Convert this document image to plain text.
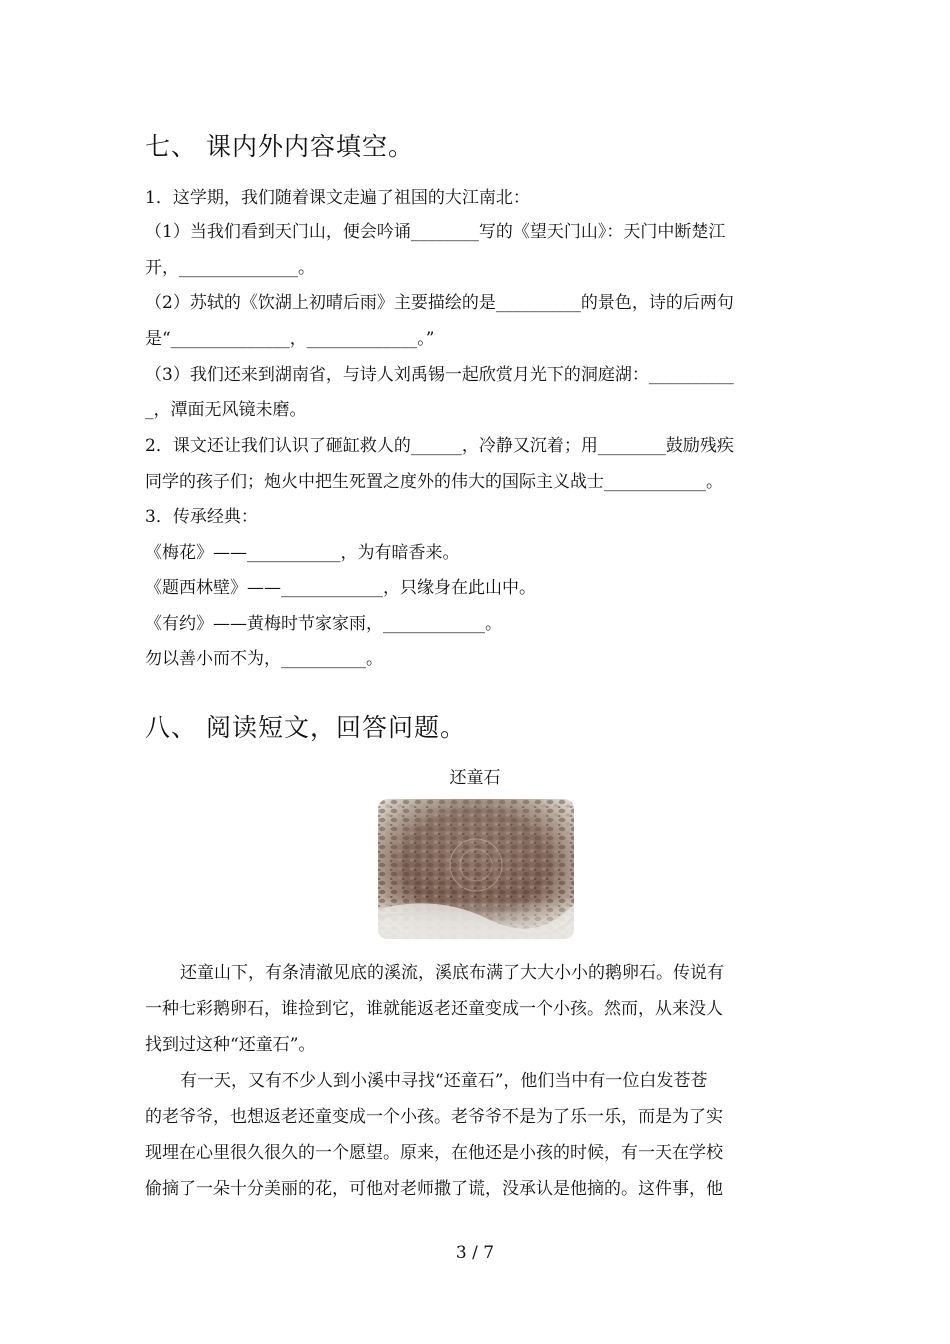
七、 课内外内容填空。
1．这学期，我们随着课文走遍了祖国的大江南北：
（1）当我们看到天门山，便会吟诵________写的《望天门山》：天门中断楚江
开，______________。
（2）苏轼的《饮湖上初晴后雨》主要描绘的是__________的景色，诗的后两句
是“______________，_____________。”
（3）我们还来到湖南省，与诗人刘禹锡一起欣赏月光下的洞庭湖：__________
_，潭面无风镜未磨。
2．课文还让我们认识了砸缸救人的______，冷静又沉着；用________鼓励残疾
同学的孩子们；炮火中把生死置之度外的伟大的国际主义战士____________。
3．传承经典：
《梅花》——___________，为有暗香来。
《题西林壁》——____________，只缘身在此山中。
《有约》——黄梅时节家家雨，____________。
勿以善小而不为，__________。
八、 阅读短文，回答问题。
还童石
还童山下，有条清澈见底的溪流，溪底布满了大大小小的鹅卵石。传说有
一种七彩鹅卵石，谁捡到它，谁就能返老还童变成一个小孩。然而，从来没人
找到过这种“还童石”。
有一天，又有不少人到小溪中寻找“还童石”，他们当中有一位白发苍苍
的老爷爷，也想返老还童变成一个小孩。老爷爷不是为了乐一乐，而是为了实
现埋在心里很久很久的一个愿望。原来，在他还是小孩的时候，有一天在学校
偷摘了一朵十分美丽的花，可他对老师撒了谎，没承认是他摘的。这件事，他
3 / 7
